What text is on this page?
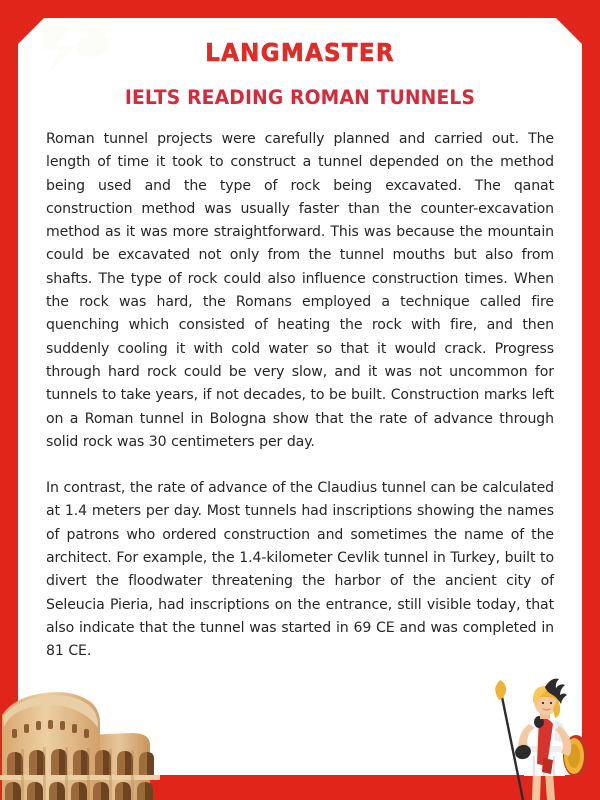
LANGMASTER
IELTS READING ROMAN TUNNELS

Roman tunnel projects were carefully planned and carried out. The length of time it took to construct a tunnel depended on the method being used and the type of rock being excavated. The qanat construction method was usually faster than the counter-excavation method as it was more straightforward. This was because the mountain could be excavated not only from the tunnel mouths but also from shafts. The type of rock could also influence construction times. When the rock was hard, the Romans employed a technique called fire quenching which consisted of heating the rock with fire, and then suddenly cooling it with cold water so that it would crack. Progress through hard rock could be very slow, and it was not uncommon for tunnels to take years, if not decades, to be built. Construction marks left on a Roman tunnel in Bologna show that the rate of advance through solid rock was 30 centimeters per day.

In contrast, the rate of advance of the Claudius tunnel can be calculated at 1.4 meters per day. Most tunnels had inscriptions showing the names of patrons who ordered construction and sometimes the name of the architect. For example, the 1.4-kilometer Cevlik tunnel in Turkey, built to divert the floodwater threatening the harbor of the ancient city of Seleucia Pieria, had inscriptions on the entrance, still visible today, that also indicate that the tunnel was started in 69 CE and was completed in 81 CE.
